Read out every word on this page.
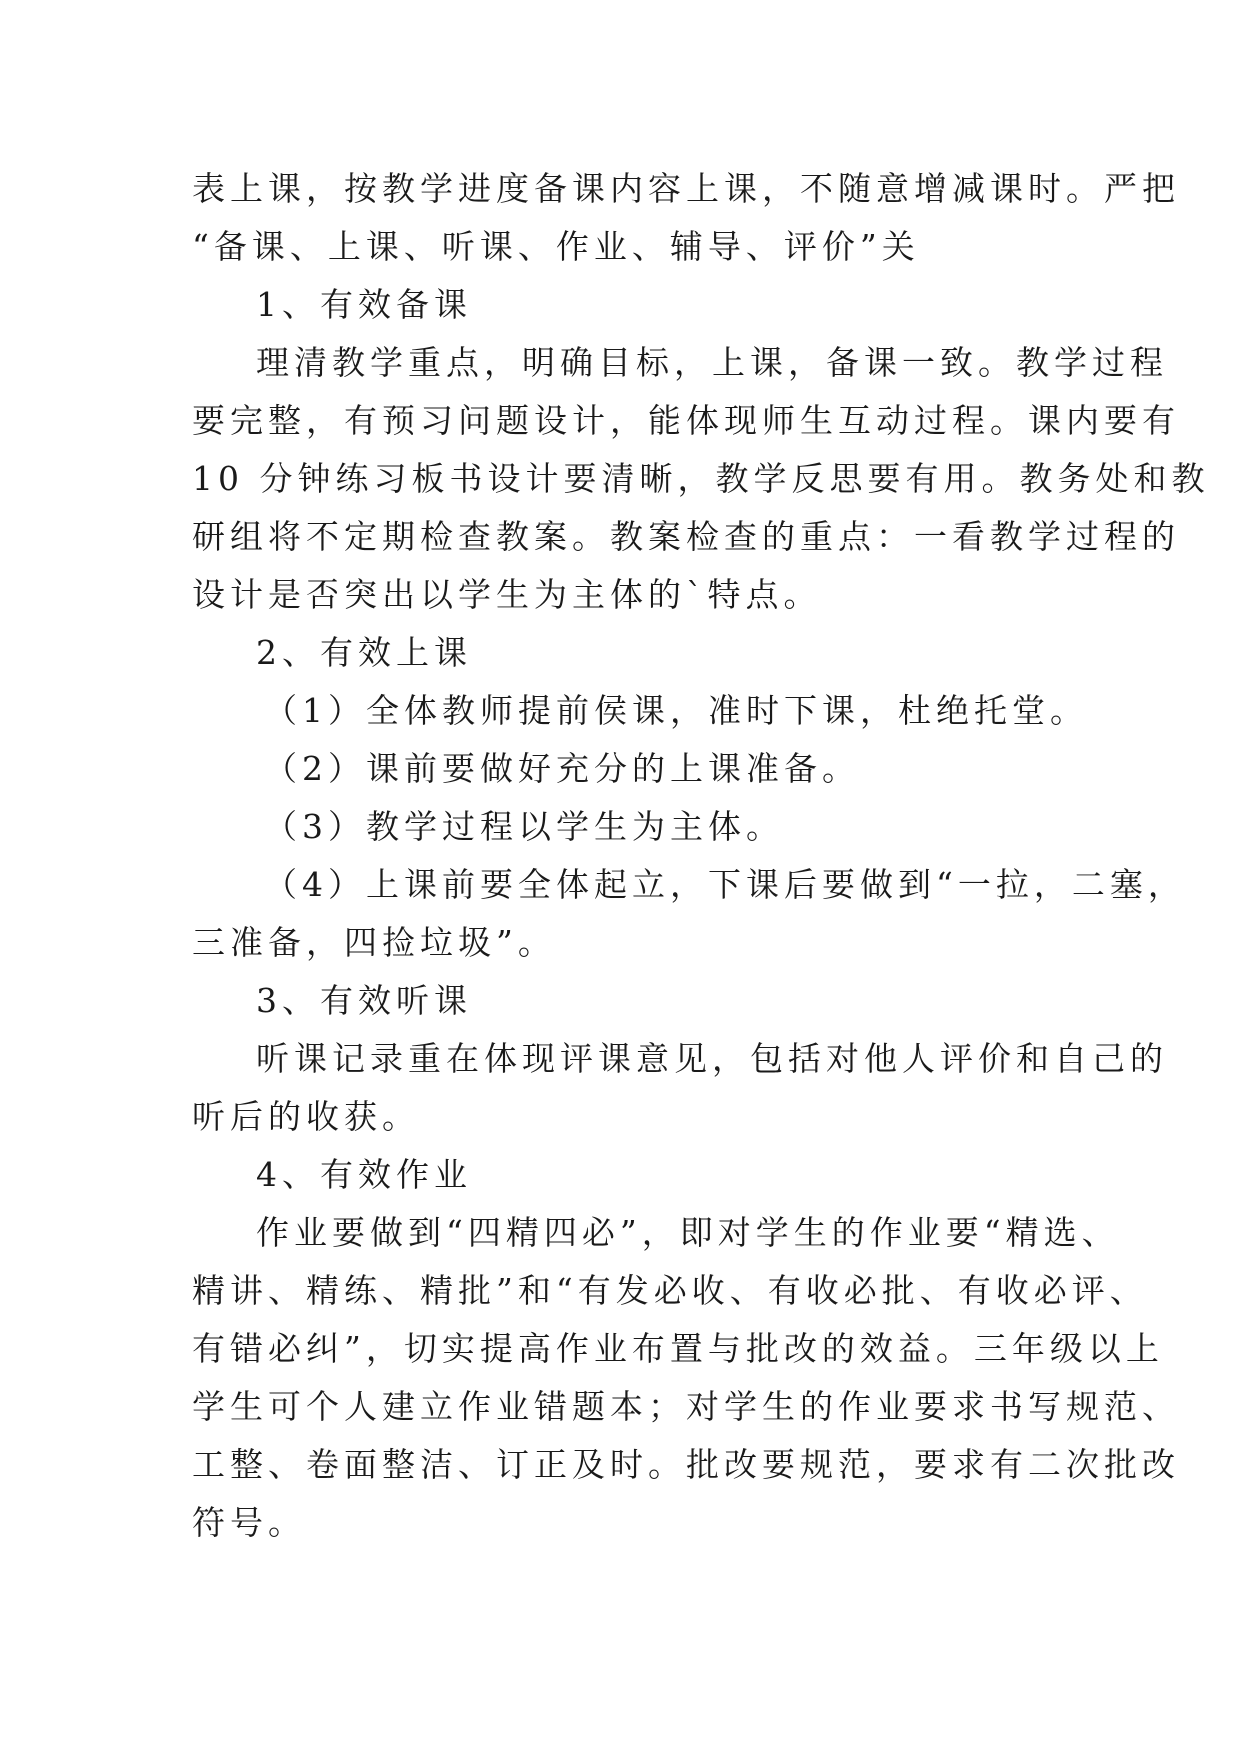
表上课，按教学进度备课内容上课，不随意增减课时。严把
“备课、上课、听课、作业、辅导、评价”关
1、有效备课
理清教学重点，明确目标，上课，备课一致。教学过程
要完整，有预习问题设计，能体现师生互动过程。课内要有
10 分钟练习板书设计要清晰，教学反思要有用。教务处和教
研组将不定期检查教案。教案检查的重点：一看教学过程的
设计是否突出以学生为主体的`特点。
2、有效上课
（1）全体教师提前侯课，准时下课，杜绝托堂。
（2）课前要做好充分的上课准备。
（3）教学过程以学生为主体。
（4）上课前要全体起立，下课后要做到“一拉，二塞，
三准备，四捡垃圾”。
3、有效听课
听课记录重在体现评课意见，包括对他人评价和自己的
听后的收获。
4、有效作业
作业要做到“四精四必”，即对学生的作业要“精选、
精讲、精练、精批”和“有发必收、有收必批、有收必评、
有错必纠”，切实提高作业布置与批改的效益。三年级以上
学生可个人建立作业错题本；对学生的作业要求书写规范、
工整、卷面整洁、订正及时。批改要规范，要求有二次批改
符号。
